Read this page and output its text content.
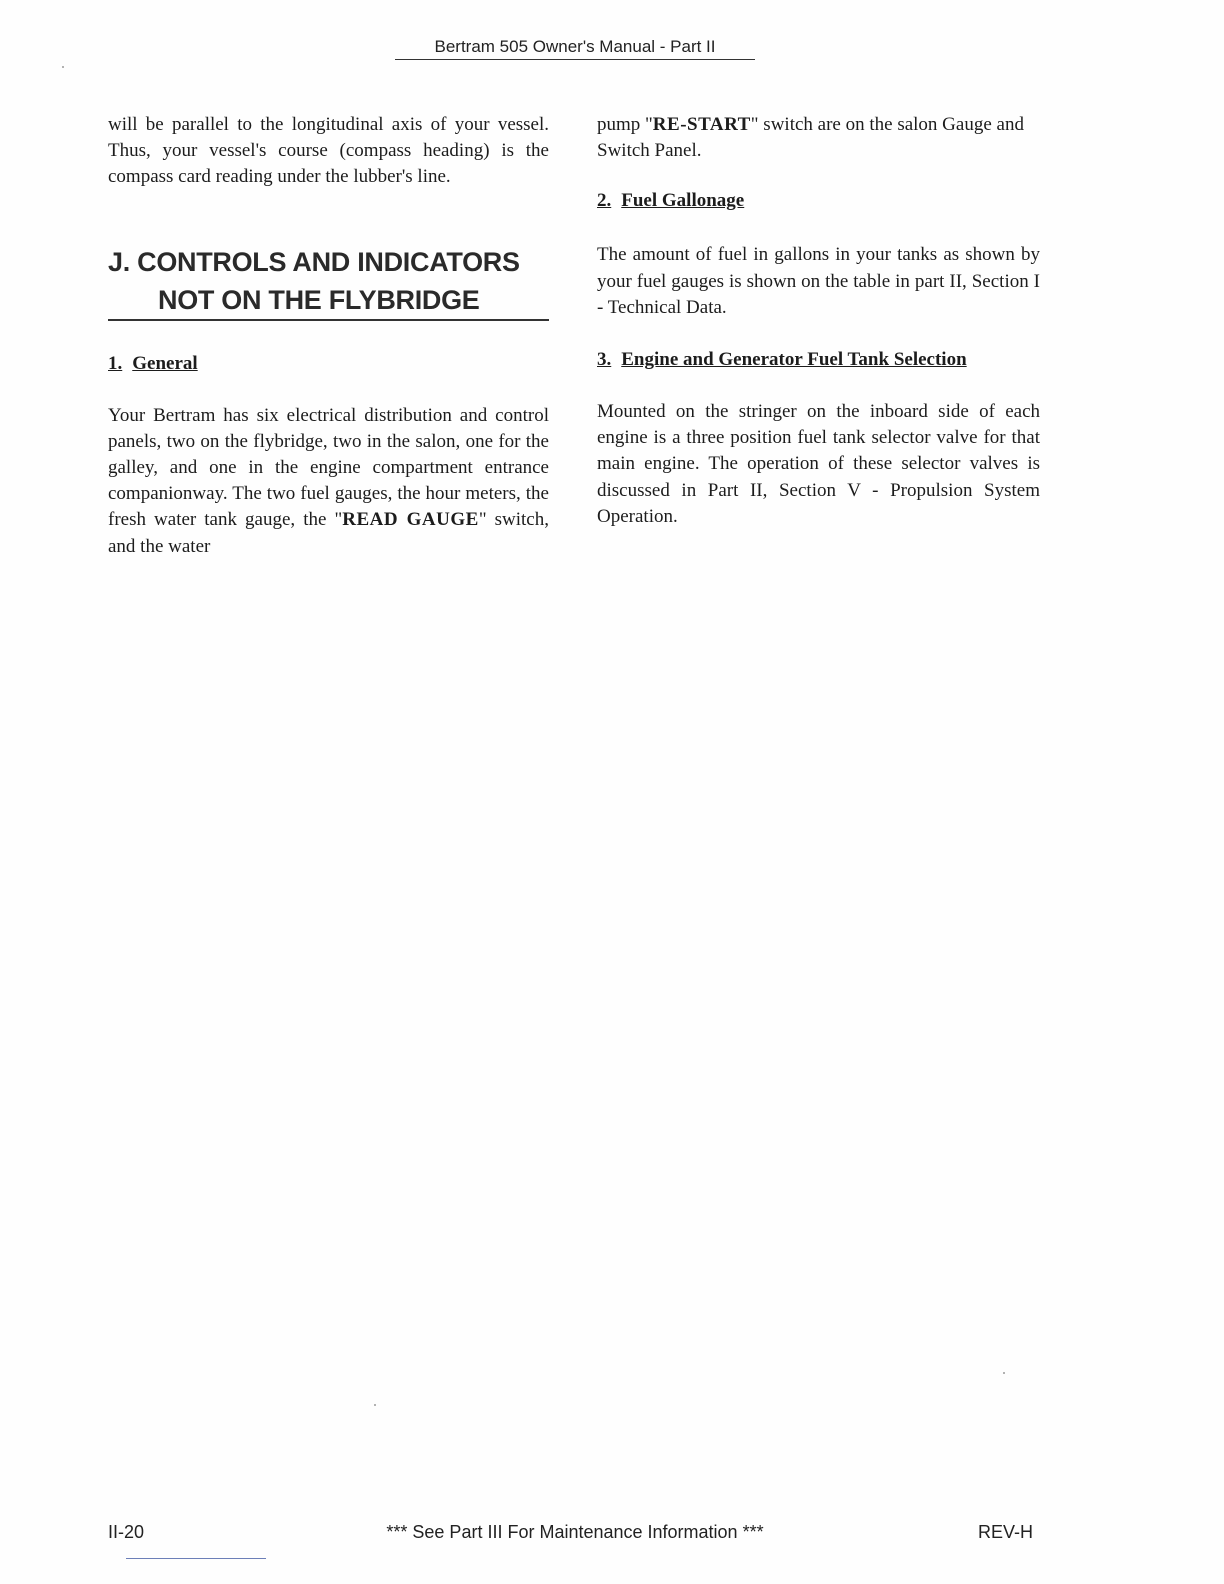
Bertram 505 Owner's Manual - Part II

will be parallel to the longitudinal axis of your vessel. Thus, your vessel's course (compass heading) is the compass card reading under the lubber's line.

J. CONTROLS AND INDICATORS
NOT ON THE FLYBRIDGE
1. General

Your Bertram has six electrical distribution and control panels, two on the flybridge, two in the salon, one for the galley, and one in the engine compartment entrance companionway. The two fuel gauges, the hour meters, the fresh water tank gauge, the "READ GAUGE" switch, and the water

pump "RE-START" switch are on the salon Gauge and Switch Panel.

2. Fuel Gallonage

The amount of fuel in gallons in your tanks as shown by your fuel gauges is shown on the table in part II, Section I - Technical Data.

3. Engine and Generator Fuel Tank Selection

Mounted on the stringer on the inboard side of each engine is a three position fuel tank selector valve for that main engine. The operation of these selector valves is discussed in Part II, Section V - Propulsion System Operation.

II-20	*** See Part III For Maintenance Information ***	REV-H
